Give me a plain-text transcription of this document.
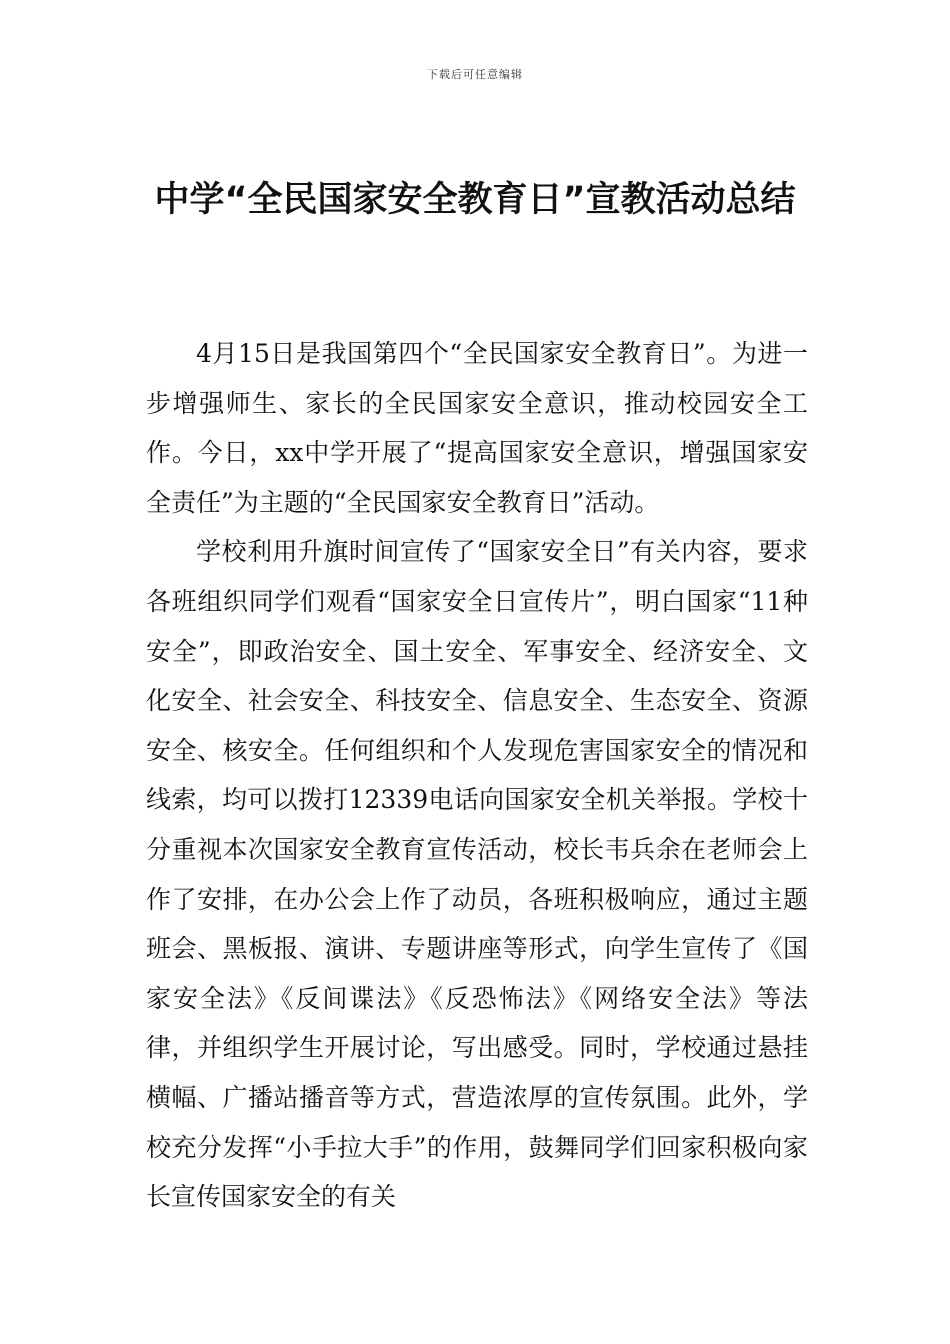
下载后可任意编辑
中学“全民国家安全教育日”宣教活动总结

4月15日是我国第四个“全民国家安全教育日”。为进一步增强师生、家长的全民国家安全意识，推动校园安全工作。今日，xx中学开展了“提高国家安全意识，增强国家安全责任”为主题的“全民国家安全教育日”活动。

学校利用升旗时间宣传了“国家安全日”有关内容，要求各班组织同学们观看“国家安全日宣传片”，明白国家“11种安全”，即政治安全、国土安全、军事安全、经济安全、文化安全、社会安全、科技安全、信息安全、生态安全、资源安全、核安全。任何组织和个人发现危害国家安全的情况和线索，均可以拨打12339电话向国家安全机关举报。学校十分重视本次国家安全教育宣传活动，校长韦兵余在老师会上作了安排，在办公会上作了动员，各班积极响应，通过主题班会、黑板报、演讲、专题讲座等形式，向学生宣传了《国家安全法》《反间谍法》《反恐怖法》《网络安全法》等法律，并组织学生开展讨论，写出感受。同时，学校通过悬挂横幅、广播站播音等方式，营造浓厚的宣传氛围。此外，学校充分发挥“小手拉大手”的作用，鼓舞同学们回家积极向家长宣传国家安全的有关
